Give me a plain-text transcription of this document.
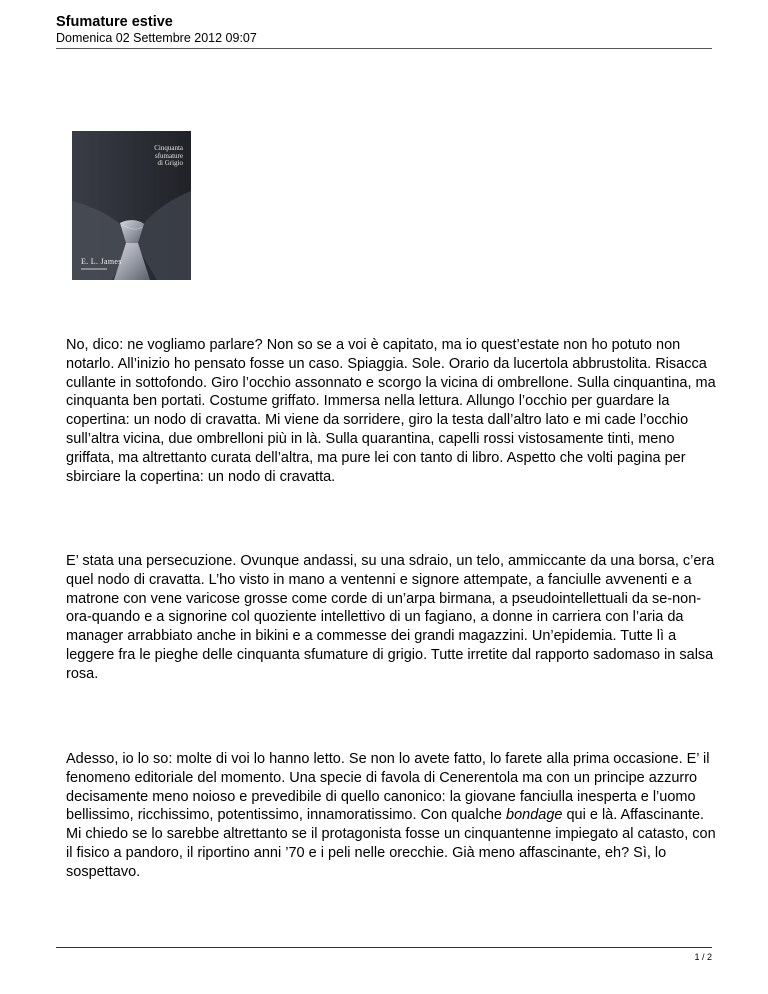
Sfumature estive
Domenica 02 Settembre 2012 09:07
Cinquanta
sfumature
di Grigio
E. L. James
No, dico: ne vogliamo parlare? Non so se a voi è capitato, ma io quest’estate non ho potuto non notarlo. All’inizio ho pensato fosse un caso. Spiaggia. Sole. Orario da lucertola abbrustolita. Risacca cullante in sottofondo. Giro l’occhio assonnato e scorgo la vicina di ombrellone. Sulla cinquantina, ma cinquanta ben portati. Costume griffato. Immersa nella lettura. Allungo l’occhio per guardare la copertina: un nodo di cravatta. Mi viene da sorridere, giro la testa dall’altro lato e mi cade l’occhio sull’altra vicina, due ombrelloni più in là. Sulla quarantina, capelli rossi vistosamente tinti, meno griffata, ma altrettanto curata dell’altra, ma pure lei con tanto di libro. Aspetto che volti pagina per sbirciare la copertina: un nodo di cravatta.
E’ stata una persecuzione. Ovunque andassi, su una sdraio, un telo, ammiccante da una borsa, c’era quel nodo di cravatta. L’ho visto in mano a ventenni e signore attempate, a fanciulle avvenenti e a matrone con vene varicose grosse come corde di un’arpa birmana, a pseudointellettuali da se-non-ora-quando e a signorine col quoziente intellettivo di un fagiano, a donne in carriera con l’aria da manager arrabbiato anche in bikini e a commesse dei grandi magazzini. Un’epidemia. Tutte lì a leggere fra le pieghe delle cinquanta sfumature di grigio. Tutte irretite dal rapporto sadomaso in salsa rosa.
Adesso, io lo so: molte di voi lo hanno letto. Se non lo avete fatto, lo farete alla prima occasione. E’ il fenomeno editoriale del momento. Una specie di favola di Cenerentola ma con un principe azzurro decisamente meno noioso e prevedibile di quello canonico: la giovane fanciulla inesperta e l’uomo bellissimo, ricchissimo, potentissimo, innamoratissimo. Con qualche bondage qui e là. Affascinante. Mi chiedo se lo sarebbe altrettanto se il protagonista fosse un cinquantenne impiegato al catasto, con il fisico a pandoro, il riportino anni ’70 e i peli nelle orecchie. Già meno affascinante, eh? Sì, lo sospettavo.
1 / 2
